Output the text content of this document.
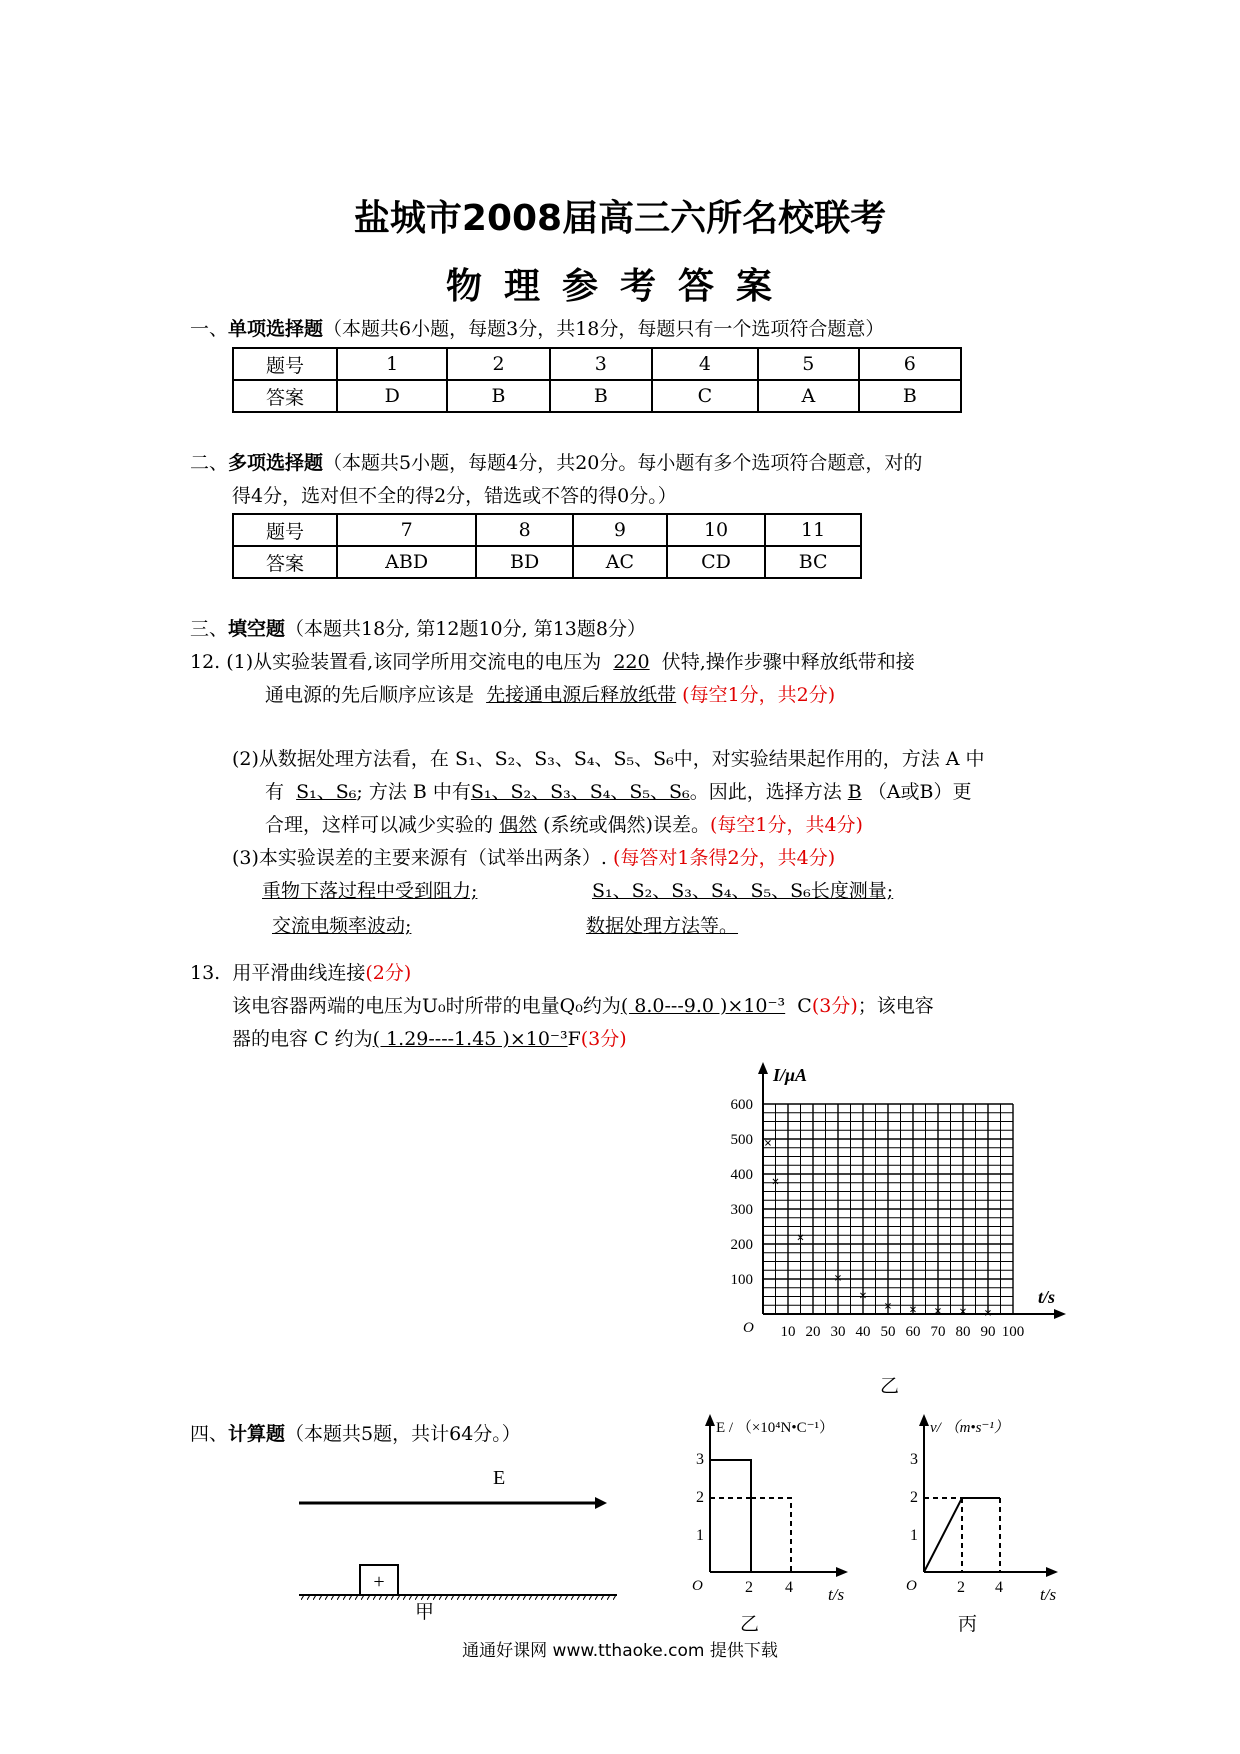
盐城市2008届高三六所名校联考
物理参考答案
一、单项选择题（本题共6小题，每题3分，共18分，每题只有一个选项符合题意）
题号	1	2	3	4	5	6
答案	D	B	B	C	A	B
二、多项选择题（本题共5小题，每题4分，共20分。每小题有多个选项符合题意，对的
得4分，选对但不全的得2分，错选或不答的得0分。）
题号	7	8	9	10	11
答案	ABD	BD	AC	CD	BC
三、填空题（本题共18分, 第12题10分, 第13题8分）
12. (1)从实验装置看,该同学所用交流电的电压为 220 伏特,操作步骤中释放纸带和接
通电源的先后顺序应该是 先接通电源后释放纸带 (每空1分，共2分)
(2)从数据处理方法看，在 S₁、S₂、S₃、S₄、S₅、S₆中，对实验结果起作用的，方法 A 中
有 S₁、S₆; 方法 B 中有S₁、S₂、S₃、S₄、S₅、S₆。因此，选择方法 B （A或B）更
合理，这样可以减少实验的 偶然 (系统或偶然)误差。(每空1分，共4分)
(3)本实验误差的主要来源有（试举出两条）. (每答对1条得2分，共4分)
重物下落过程中受到阻力;	S₁、S₂、S₃、S₄、S₅、S₆长度测量;
交流电频率波动;	数据处理方法等。
13. 用平滑曲线连接(2分)
该电容器两端的电压为U₀时所带的电量Q₀约为( 8.0---9.0 )×10⁻³ C(3分)；该电容
器的电容 C 约为( 1.29----1.45 )×10⁻³F(3分)
×
×
×
×
×
× × × × ×
10 20 30 40 50 60 70 80 90 100
100
200
300
400
500
600
I/μA
t/s
O
乙
四、计算题（本题共5题，共计64分。）
E
+
甲
E / （×10⁴N•C⁻¹）
t/s
O
1
2
3
2 4
乙
v/ （m•s⁻¹）
t/s
O
1
2
3
2 4
丙
通通好课网 www.tthaoke.com 提供下载
